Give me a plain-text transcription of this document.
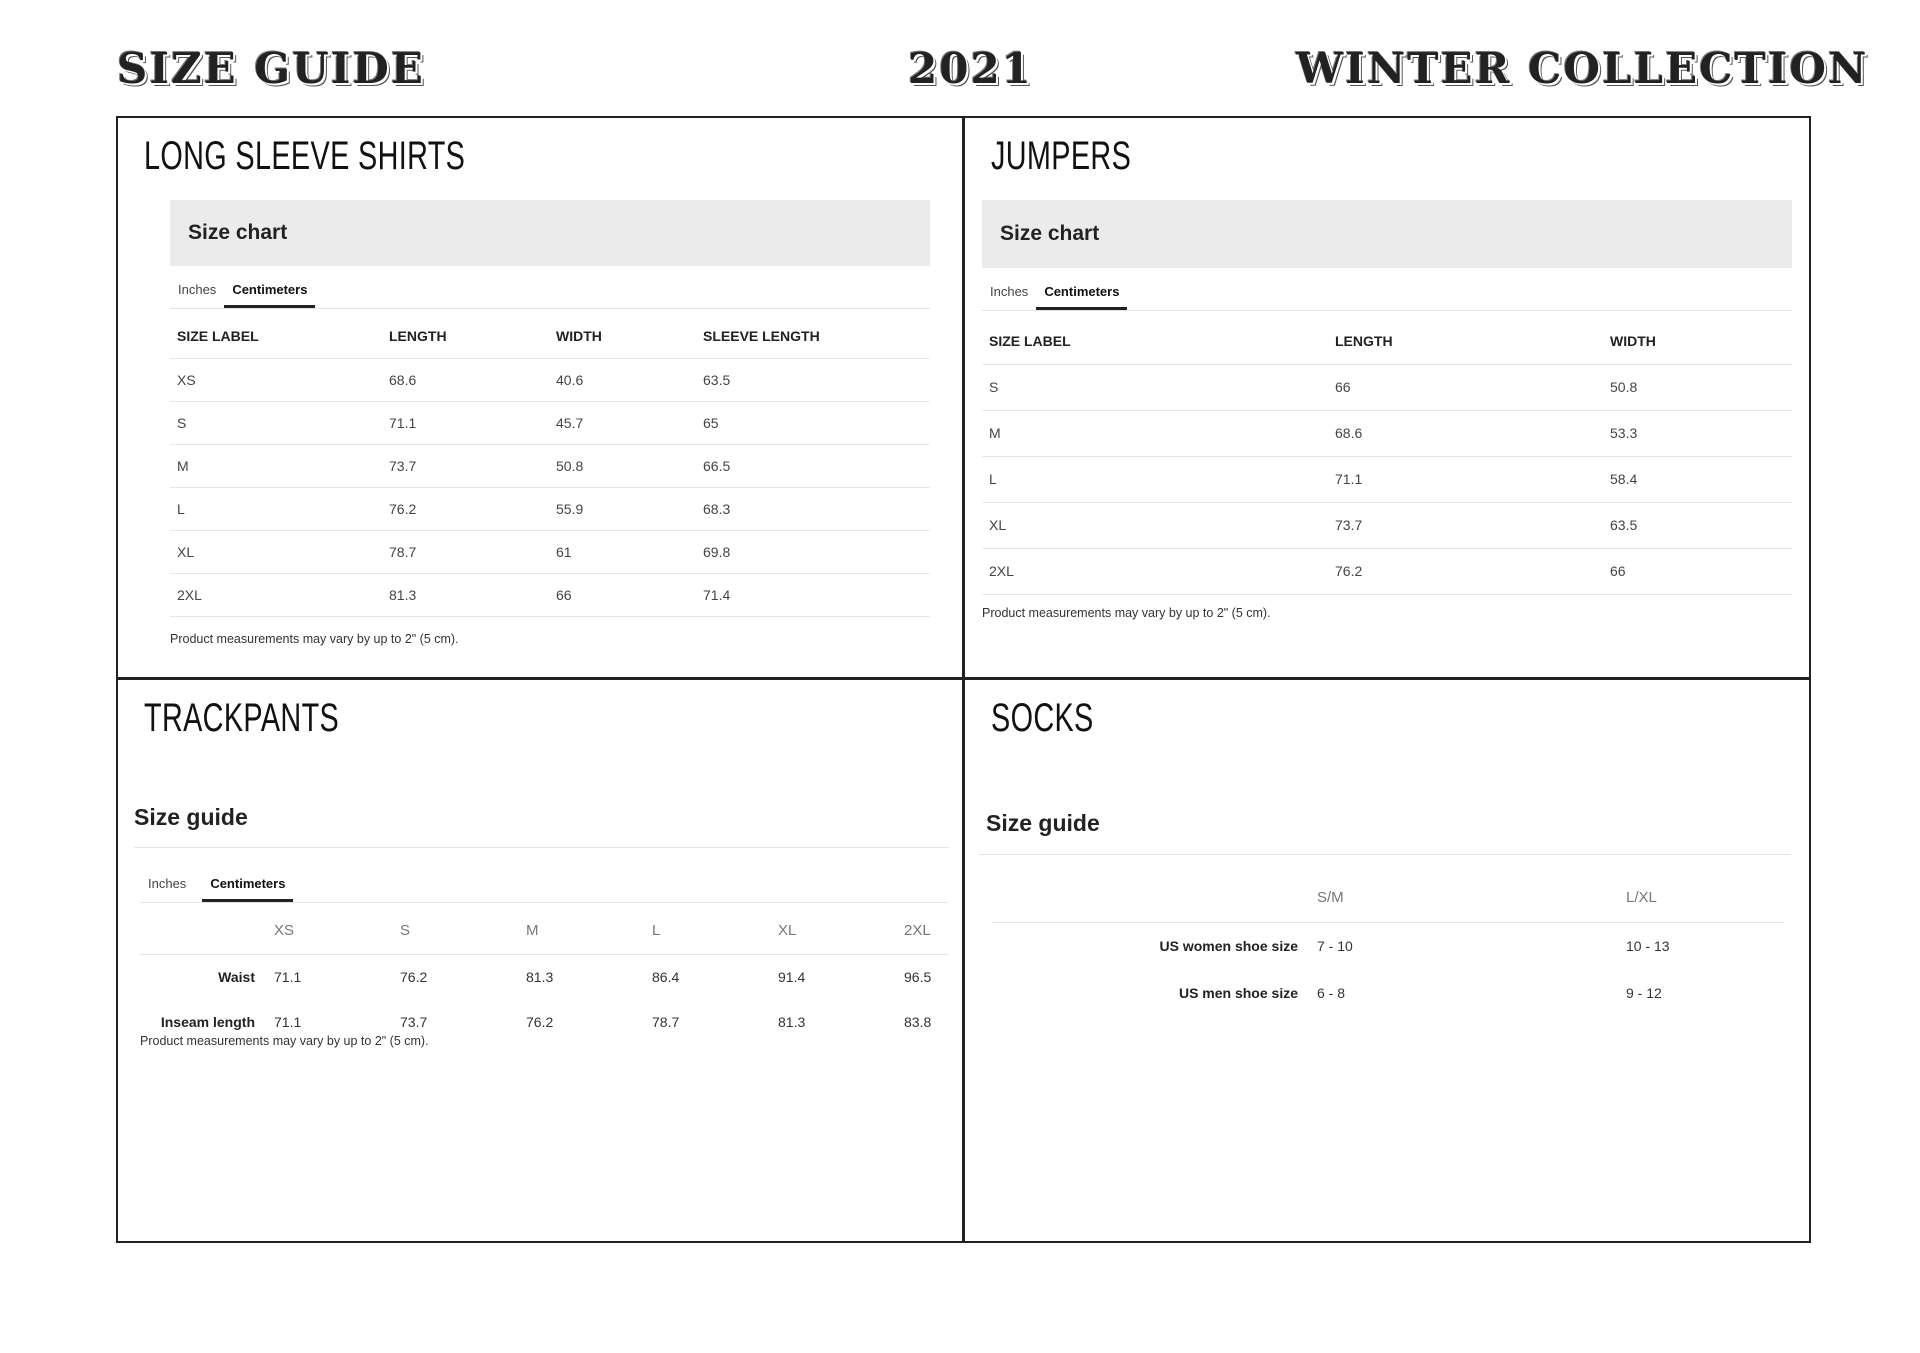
SIZE GUIDE	2021	WINTER COLLECTION
LONG SLEEVE SHIRTS
Size chart
Inches	Centimeters
SIZE LABEL	LENGTH	WIDTH	SLEEVE LENGTH
XS	68.6	40.6	63.5
S	71.1	45.7	65
M	73.7	50.8	66.5
L	76.2	55.9	68.3
XL	78.7	61	69.8
2XL	81.3	66	71.4
Product measurements may vary by up to 2" (5 cm).
JUMPERS
Size chart
Inches	Centimeters
SIZE LABEL	LENGTH	WIDTH
S	66	50.8
M	68.6	53.3
L	71.1	58.4
XL	73.7	63.5
2XL	76.2	66
Product measurements may vary by up to 2" (5 cm).
TRACKPANTS
Size guide
Inches	Centimeters
	XS	S	M	L	XL	2XL
Waist	71.1	76.2	81.3	86.4	91.4	96.5
Inseam length	71.1	73.7	76.2	78.7	81.3	83.8
Product measurements may vary by up to 2" (5 cm).
SOCKS
Size guide
	S/M	L/XL
US women shoe size	7 - 10	10 - 13
US men shoe size	6 - 8	9 - 12
